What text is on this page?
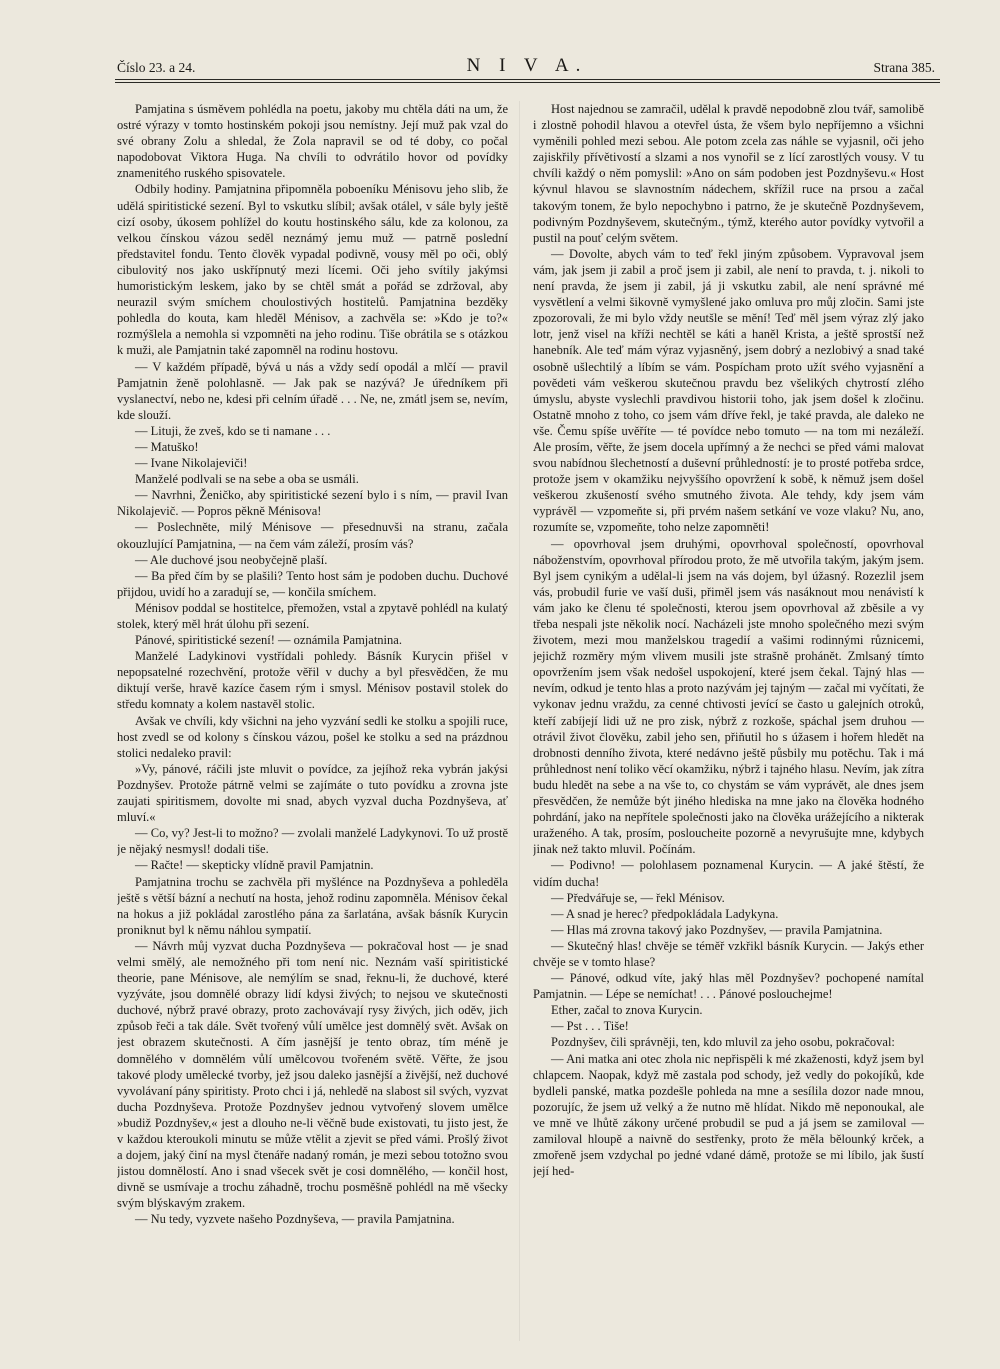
Číslo 23. a 24.	N I V A.	Strana 385.

Pamjatina s úsměvem pohlédla na poetu, jakoby mu chtěla dáti na um, že ostré výrazy v tomto hostinském pokoji jsou nemístny. Její muž pak vzal do své obrany Zolu a shledal, že Zola napravil se od té doby, co počal napodobovat Viktora Huga. Na chvíli to odvrátilo hovor od povídky znamenitého ruského spisovatele.

Odbily hodiny. Pamjatnina připomněla poboeníku Ménisovu jeho slib, že udělá spiritistické sezení. Byl to vskutku slíbil; avšak otálel, v sále byly ještě cizí osoby, úkosem pohlížel do koutu hostinského sálu, kde za kolonou, za velkou čínskou vázou seděl neznámý jemu muž — patrně poslední představitel fondu. Tento člověk vypadal podivně, vousy měl po oči, oblý cibulovitý nos jako uskřípnutý mezi lícemi. Oči jeho svítily jakýmsi humoristickým leskem, jako by se chtěl smát a pořád se zdržoval, aby neurazil svým smíchem choulostivých hostitelů. Pamjatnina bezděky pohledla do kouta, kam hleděl Ménisov, a zachvěla se: »Kdo je to?« rozmýšlela a nemohla si vzpomněti na jeho rodinu. Tiše obrátila se s otázkou k muži, ale Pamjatnin také zapomněl na rodinu hostovu.

— V každém případě, bývá u nás a vždy sedí opodál a mlčí — pravil Pamjatnin ženě polohlasně. — Jak pak se nazývá? Je úředníkem při vyslanectví, nebo ne, kdesi při celním úřadě . . . Ne, ne, zmátl jsem se, nevím, kde slouží.

— Lituji, že zveš, kdo se ti namane . . .

— Matuško!

— Ivane Nikolajeviči!

Manželé podlvali se na sebe a oba se usmáli.

— Navrhni, Ženičko, aby spiritistické sezení bylo i s ním, — pravil Ivan Nikolajevič. — Popros pěkně Ménisova!

— Poslechněte, milý Ménisove — přesednuvši na stranu, začala okouzlující Pamjatnina, — na čem vám záleží, prosím vás?

— Ale duchové jsou neobyčejně plaší.

— Ba před čím by se plašili? Tento host sám je podoben duchu. Duchové přijdou, uvidí ho a zaradují se, — končila smíchem.

Ménisov poddal se hostitelce, přemožen, vstal a zpytavě pohlédl na kulatý stolek, který měl hrát úlohu při sezení.

Pánové, spiritistické sezení! — oznámila Pamjatnina.

Manželé Ladykinovi vystřídali pohledy. Básník Kurycin přišel v nepopsatelné rozechvění, protože věřil v duchy a byl přesvědčen, že mu diktují verše, hravě kazíce časem rým i smysl. Ménisov postavil stolek do středu komnaty a kolem nastavěl stolic.

Avšak ve chvíli, kdy všichni na jeho vyzvání sedli ke stolku a spojili ruce, host zvedl se od kolony s čínskou vázou, pošel ke stolku a sed na prázdnou stolici nedaleko pravil:

»Vy, pánové, ráčili jste mluvit o povídce, za jejíhož reka vybrán jakýsi Pozdnyšev. Protože pátrně velmi se zajímáte o tuto povídku a zrovna jste zaujati spiritismem, dovolte mi snad, abych vyzval ducha Pozdnyševa, ať mluví.«

— Co, vy? Jest-li to možno? — zvolali manželé Ladykynovi. To už prostě je nějaký nesmysl! dodali tiše.

— Račte! — skepticky vlídně pravil Pamjatnin.

Pamjatnina trochu se zachvěla při myšlénce na Pozdnyševa a pohleděla ještě s větší bázní a nechutí na hosta, jehož rodinu zapomněla. Ménisov čekal na hokus a již pokládal zarostlého pána za šarlatána, avšak básník Kurycin proniknut byl k němu náhlou sympatií.

— Návrh můj vyzvat ducha Pozdnyševa — pokračoval host — je snad velmi smělý, ale nemožného při tom není nic. Neznám vaší spiritistické theorie, pane Ménisove, ale nemýlím se snad, řeknu-li, že duchové, které vyzýváte, jsou domnělé obrazy lidí kdysi živých; to nejsou ve skutečnosti duchové, nýbrž pravé obrazy, proto zachovávají rysy živých, jich oděv, jich způsob řeči a tak dále. Svět tvořený vůlí umělce jest domnělý svět. Avšak on jest obrazem skutečnosti. A čím jasnější je tento obraz, tím méně je domnělého v domnělém vůlí umělcovou tvořeném světě. Věřte, že jsou takové plody umělecké tvorby, jež jsou daleko jasnější a živější, než duchové vyvolávaní pány spiritisty. Proto chci i já, nehledě na slabost sil svých, vyzvat ducha Pozdnyševa. Protože Pozdnyšev jednou vytvořený slovem umělce »budiž Pozdnyšev,« jest a dlouho ne-li věčně bude existovati, tu jisto jest, že v každou kteroukoli minutu se může vtělit a zjevit se před vámi. Prošlý život a dojem, jaký činí na mysl čtenáře nadaný román, je mezi sebou totožno svou jistou domnělostí. Ano i snad všecek svět je cosi domnělého, — končil host, divně se usmívaje a trochu záhadně, trochu posměšně pohlédl na mě všecky svým blýskavým zrakem.

— Nu tedy, vyzvete našeho Pozdnyševa, — pravila Pamjatnina.

Host najednou se zamračil, udělal k pravdě nepodobně zlou tvář, samolibě i zlostně pohodil hlavou a otevřel ústa, že všem bylo nepříjemno a všichni vyměnili pohled mezi sebou. Ale potom zcela zas náhle se vyjasnil, oči jeho zajiskřily přívětivostí a slzami a nos vynořil se z lící zarostlých vousy. V tu chvíli každý o něm pomyslil: »Ano on sám podoben jest Pozdnyševu.« Host kývnul hlavou se slavnostním nádechem, skřížil ruce na prsou a začal takovým tonem, že bylo nepochybno i patrno, že je skutečně Pozdnyševem, podivným Pozdnyševem, skutečným., týmž, kterého autor povídky vytvořil a pustil na pouť celým světem.

— Dovolte, abych vám to teď řekl jiným způsobem. Vypravoval jsem vám, jak jsem ji zabil a proč jsem ji zabil, ale není to pravda, t. j. nikoli to není pravda, že jsem ji zabil, já ji vskutku zabil, ale není správné mé vysvětlení a velmi šikovně vymyšlené jako omluva pro můj zločin. Sami jste zpozorovali, že mi bylo vždy neutšle se mění! Teď měl jsem výraz zlý jako lotr, jenž visel na kříži nechtěl se káti a haněl Krista, a ještě sprostší než hanebník. Ale teď mám výraz vyjasněný, jsem dobrý a nezlobivý a snad také osobně ušlechtilý a líbím se vám. Pospícham proto užít svého vyjasnění a povědeti vám veškerou skutečnou pravdu bez všelikých chytrostí zlého úmyslu, abyste vyslechli pravdivou historii toho, jak jsem došel k zločinu. Ostatně mnoho z toho, co jsem vám dříve řekl, je také pravda, ale daleko ne vše. Čemu spíše uvěříte — té povídce nebo tomuto — na tom mi nezáleží. Ale prosím, věřte, že jsem docela upřímný a že nechci se před vámi malovat svou nabídnou šlechetností a duševní průhledností: je to prosté potřeba srdce, protože jsem v okamžiku nejvyššího opovržení k sobě, k němuž jsem došel veškerou zkušeností svého smutného života. Ale tehdy, kdy jsem vám vyprávěl — vzpomeňte si, při prvém našem setkání ve voze vlaku? Nu, ano, rozumíte se, vzpomeňte, toho nelze zapomněti!

— opovrhoval jsem druhými, opovrhoval společností, opovrhoval náboženstvím, opovrhoval přírodou proto, že mě utvořila takým, jakým jsem. Byl jsem cynikým a udělal-li jsem na vás dojem, byl úžasný. Rozezlil jsem vás, probudil furie ve vaší duši, přiměl jsem vás nasáknout mou nenávistí k vám jako ke členu té společnosti, kterou jsem opovrhoval až zběsile a vy třeba nespali jste několik nocí. Nacházeli jste mnoho společného mezi svým životem, mezi mou manželskou tragedií a vašimi rodinnými různicemi, jejichž rozměry mým vlivem musili jste strašně prohánět. Zmlsaný tímto opovržením jsem však nedošel uspokojení, které jsem čekal. Tajný hlas — nevím, odkud je tento hlas a proto nazývám jej tajným — začal mi vyčítati, že vykonav jednu vraždu, za cenné chtivosti jevící se často u galejních otroků, kteří zabíjejí lidi už ne pro zisk, nýbrž z rozkoše, spáchal jsem druhou — otrávil život člověku, zabil jeho sen, přiňutil ho s úžasem i hořem hledět na drobnosti denního života, které nedávno ještě půsbily mu potěchu. Tak i má průhlednost není toliko věcí okamžiku, nýbrž i tajného hlasu. Nevím, jak zítra budu hledět na sebe a na vše to, co chystám se vám vyprávět, ale dnes jsem přesvědčen, že nemůže být jiného hlediska na mne jako na člověka hodného pohrdání, jako na nepřítele společnosti jako na člověka urážejícího a nikterak uraženého. A tak, prosím, posloucheite pozorně a nevyrušujte mne, kdybych jinak než takto mluvil. Počínám.

— Podivno! — polohlasem poznamenal Kurycin. — A jaké štěstí, že vidím ducha!

— Předvářuje se, — řekl Ménisov.

— A snad je herec? předpokládala Ladykyna.

— Hlas má zrovna takový jako Pozdnyšev, — pravila Pamjatnina.

— Skutečný hlas! chvěje se téměř vzkřikl básník Kurycin. — Jakýs ether chvěje se v tomto hlase?

— Pánové, odkud víte, jaký hlas měl Pozdnyšev? pochopené namítal Pamjatnin. — Lépe se nemíchat! . . . Pánové poslouchejme!

Ether, začal to znova Kurycin.

— Pst . . . Tiše!

Pozdnyšev, čili správněji, ten, kdo mluvil za jeho osobu, pokračoval:

— Ani matka ani otec zhola nic nepřispěli k mé zkaženosti, když jsem byl chlapcem. Naopak, když mě zastala pod schody, jež vedly do pokojíků, kde bydleli panské, matka pozdešle pohleda na mne a sesílila dozor nade mnou, pozorujíc, že jsem už velký a že nutno mě hlídat. Nikdo mě neponoukal, ale ve mně ve lhůtě zákony určené probudil se pud a já jsem se zamiloval — zamiloval hloupě a naivně do sestřenky, proto že měla bělounký krček, a zmořeně jsem vzdychal po jedné vdané dámě, protože se mi líbilo, jak šustí její hed-
